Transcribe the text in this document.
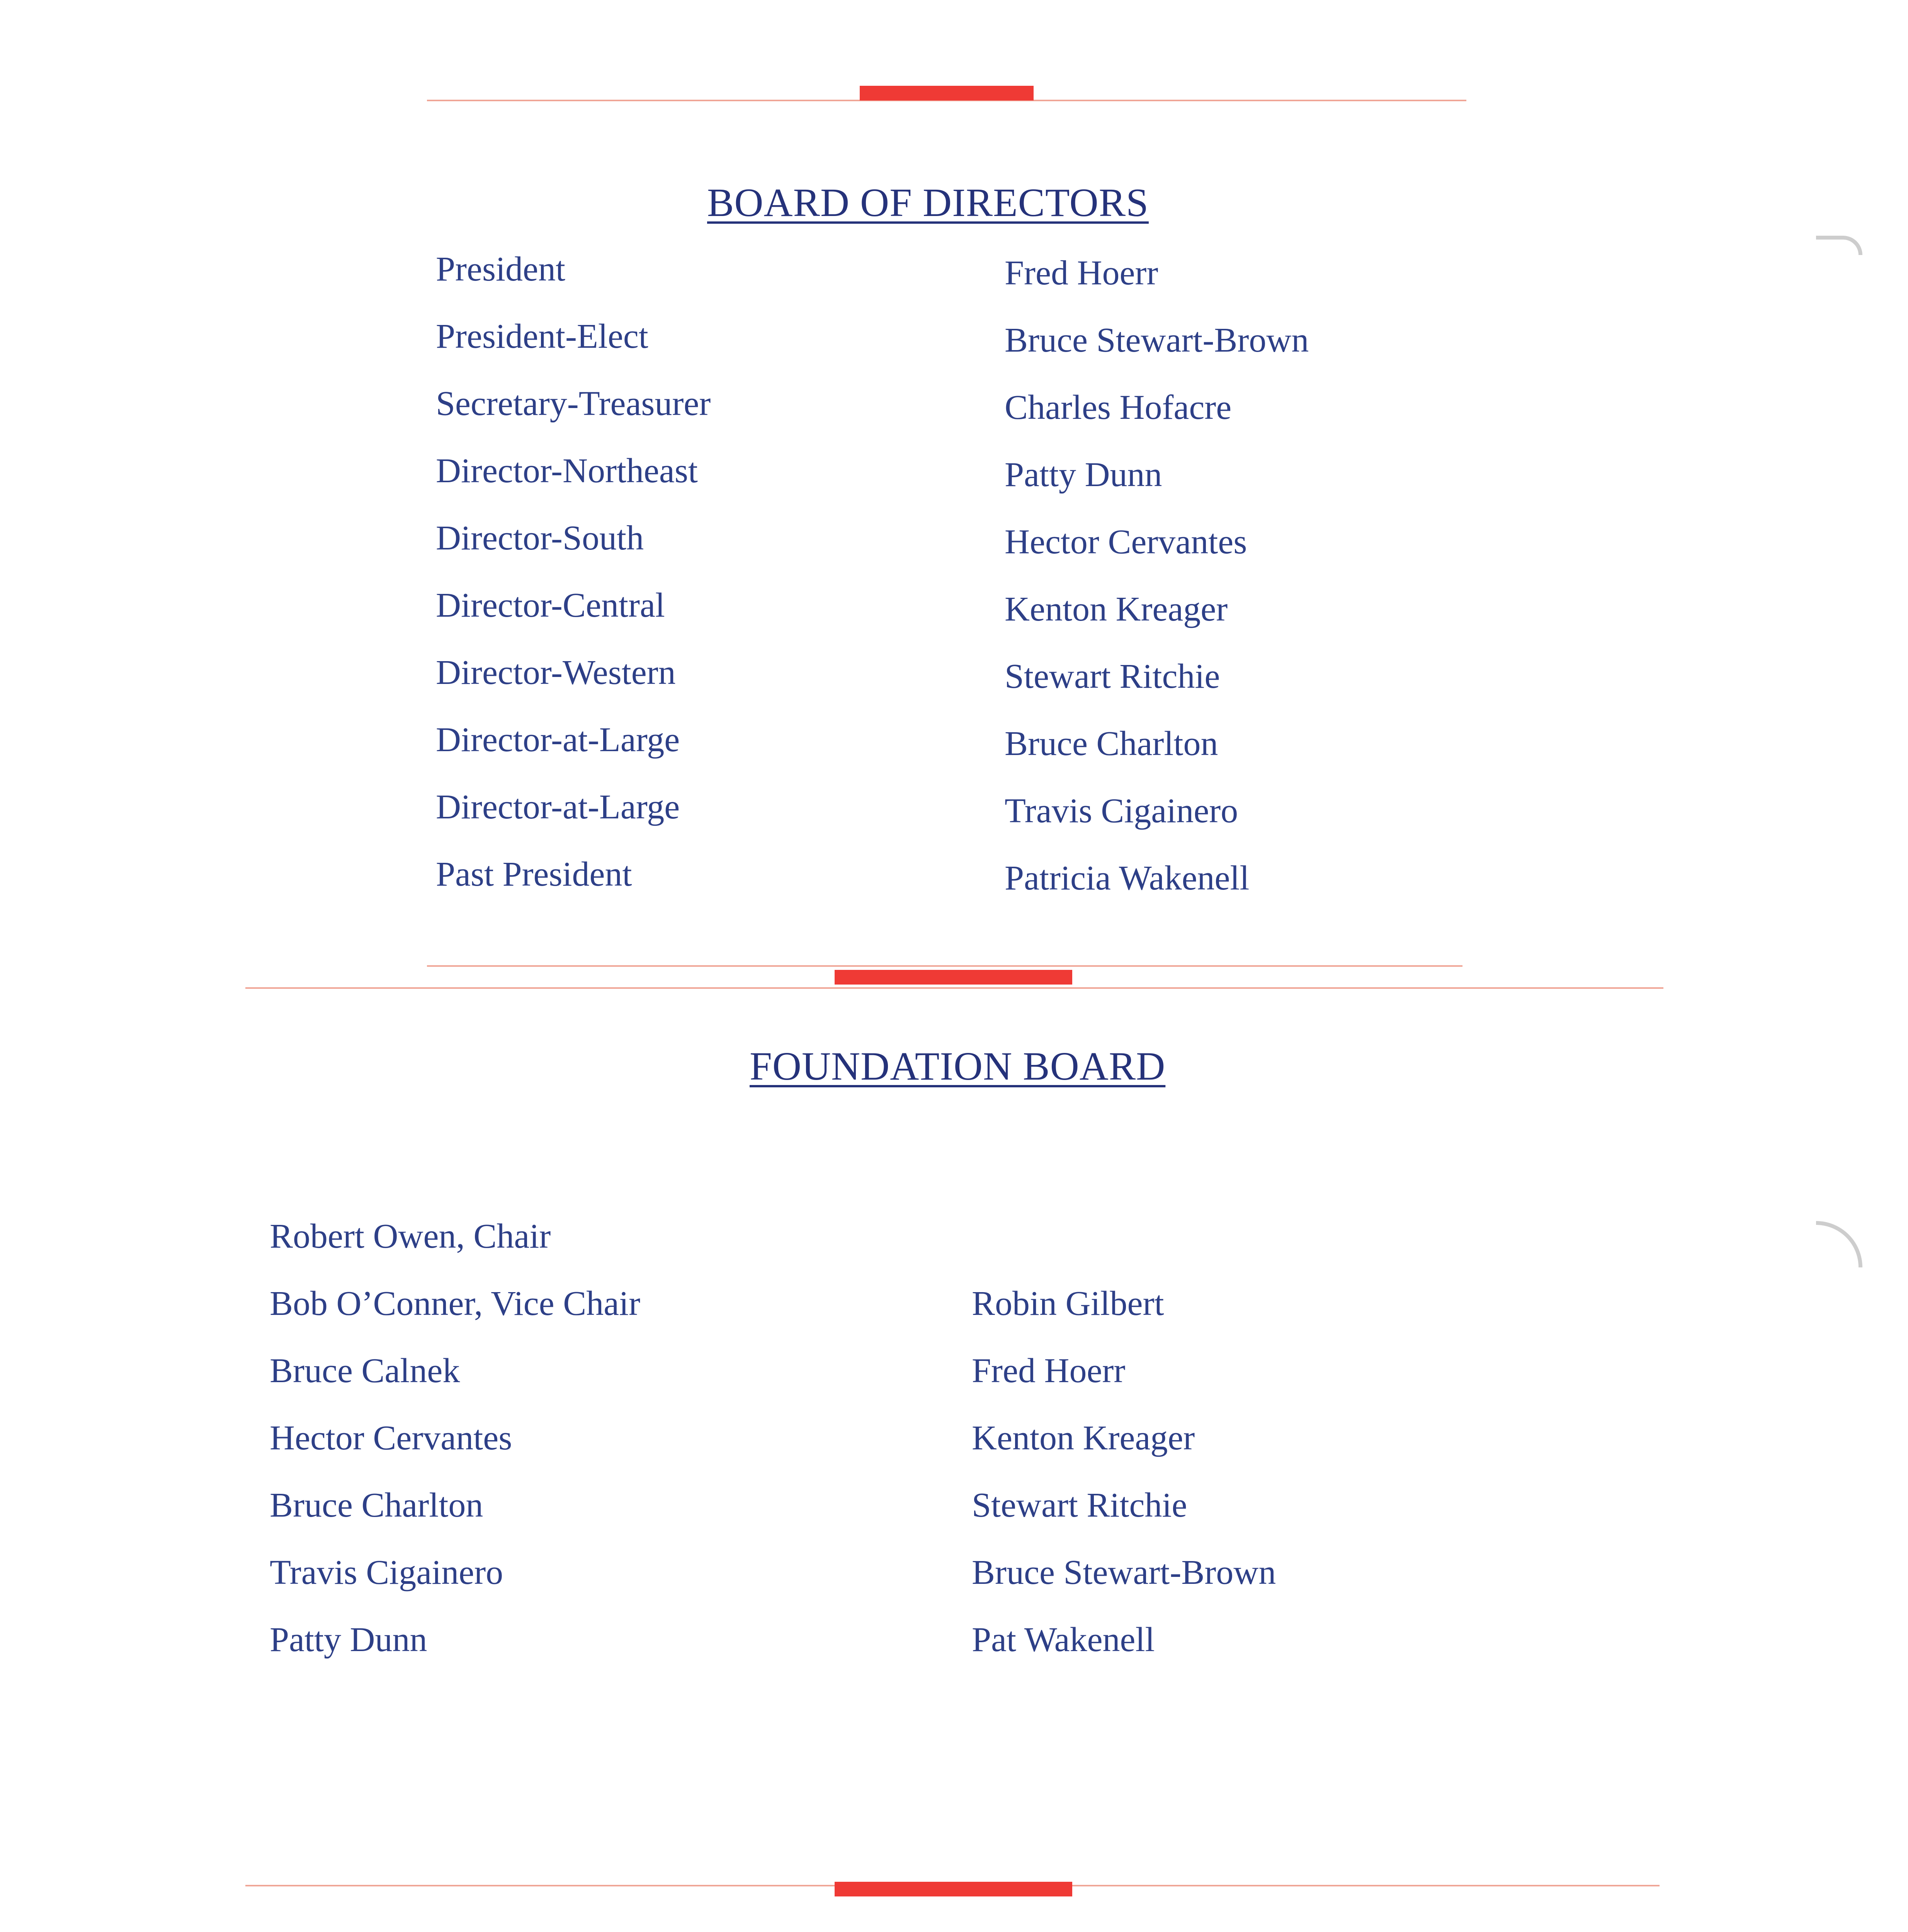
BOARD OF DIRECTORS
President
President-Elect
Secretary-Treasurer
Director-Northeast
Director-South
Director-Central
Director-Western
Director-at-Large
Director-at-Large
Past President
Fred Hoerr
Bruce Stewart-Brown
Charles Hofacre
Patty Dunn
Hector Cervantes
Kenton Kreager
Stewart Ritchie
Bruce Charlton
Travis Cigainero
Patricia Wakenell
FOUNDATION BOARD
Robert Owen, Chair
Bob O’Conner, Vice Chair
Bruce Calnek
Hector Cervantes
Bruce Charlton
Travis Cigainero
Patty Dunn
Robin Gilbert
Fred Hoerr
Kenton Kreager
Stewart Ritchie
Bruce Stewart-Brown
Pat Wakenell
